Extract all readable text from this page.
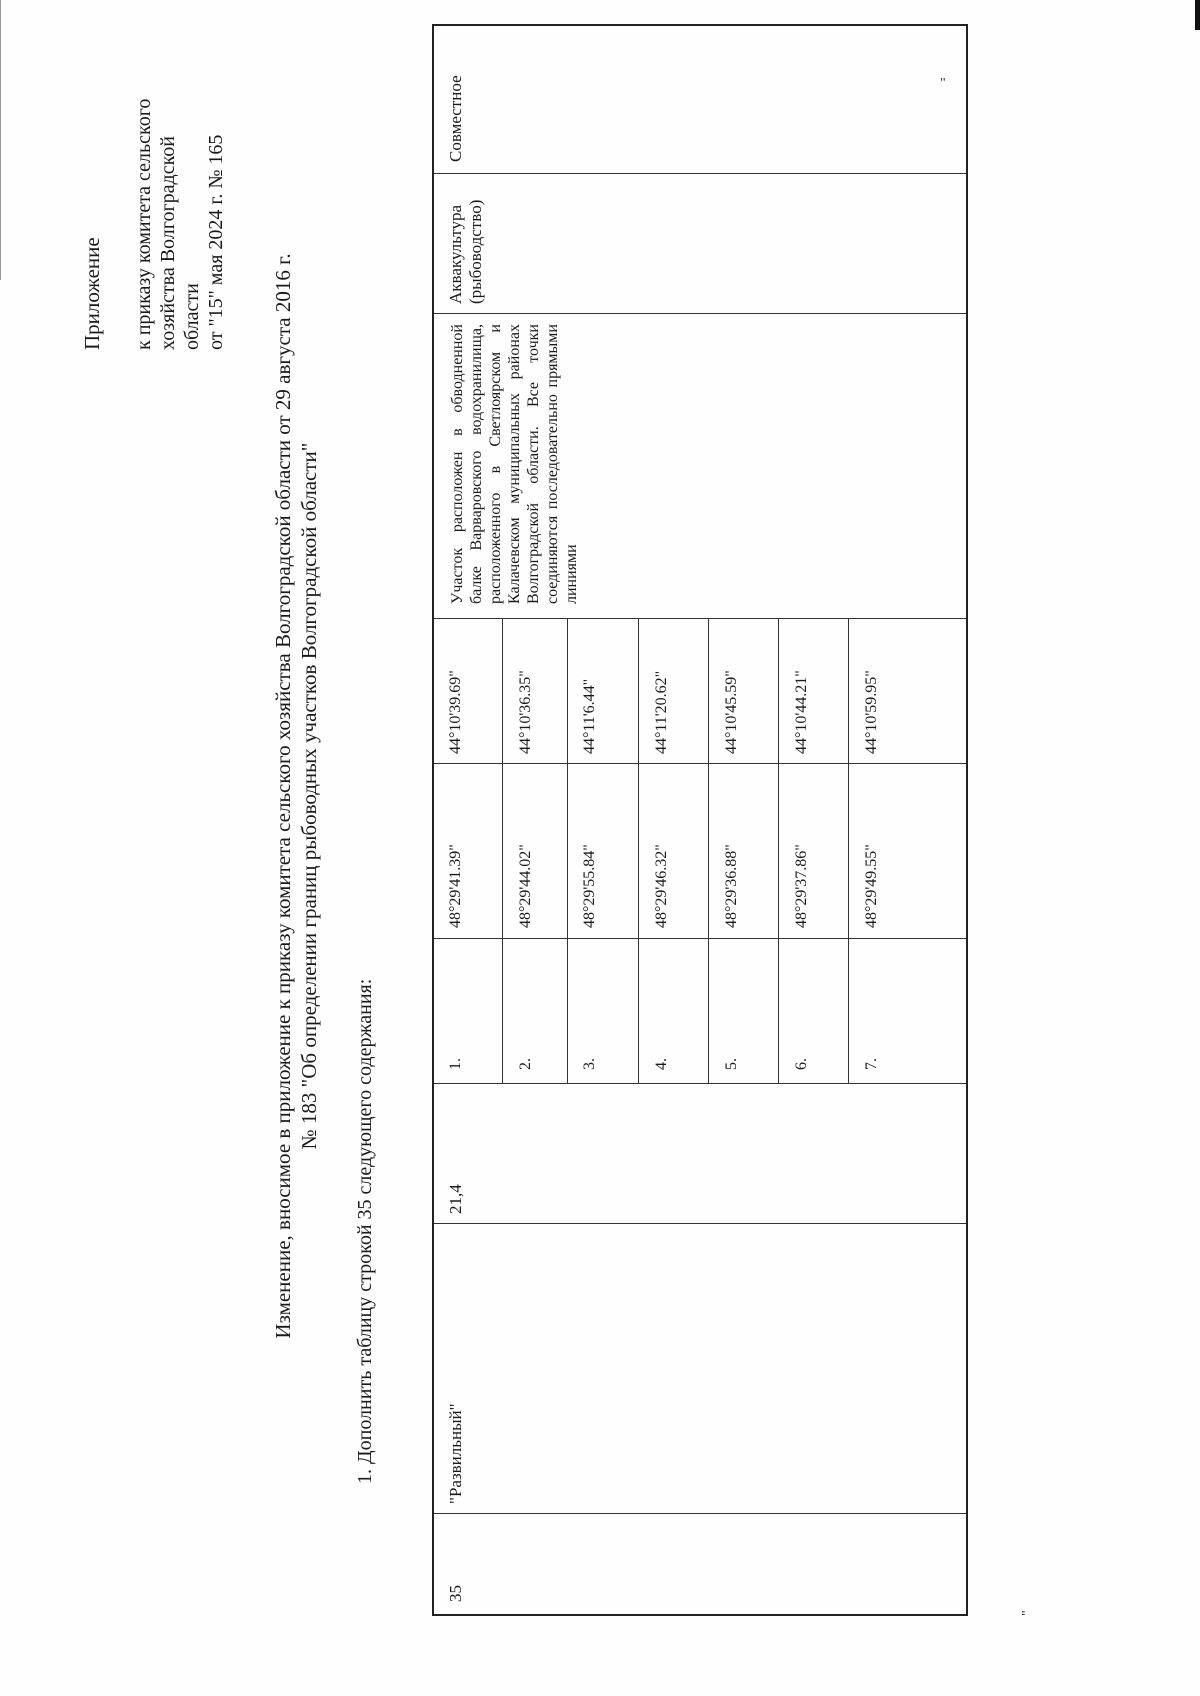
"
Приложение к приказу комитета сельского хозяйства Волгоградской области от "15" мая 2024 г. № 165
Изменение, вносимое в приложение к приказу комитета сельского хозяйства Волгоградской области от 29 августа 2016 г. № 183 "Об определении границ рыбоводных участков Волгоградской области"
1. Дополнить таблицу строкой 35 следующего содержания:
35
"Развильный"
21,4
1.
48°29'41.39"
44°10'39.69"
2.
48°29'44.02"
44°10'36.35"
3.
48°29'55.84"
44°11'6.44"
4.
48°29'46.32"
44°11'20.62"
5.
48°29'36.88"
44°10'45.59"
6.
48°29'37.86"
44°10'44.21"
7.
48°29'49.55"
44°10'59.95"
Участок расположен в обводненной балке Варваровского водохранилища, расположенного в Светлоярском и Калачевском муниципальных районах Волгоградской области. Все точки соединяются последовательно прямыми линиями
Аквакультура (рыбоводство)
Совместное
"
